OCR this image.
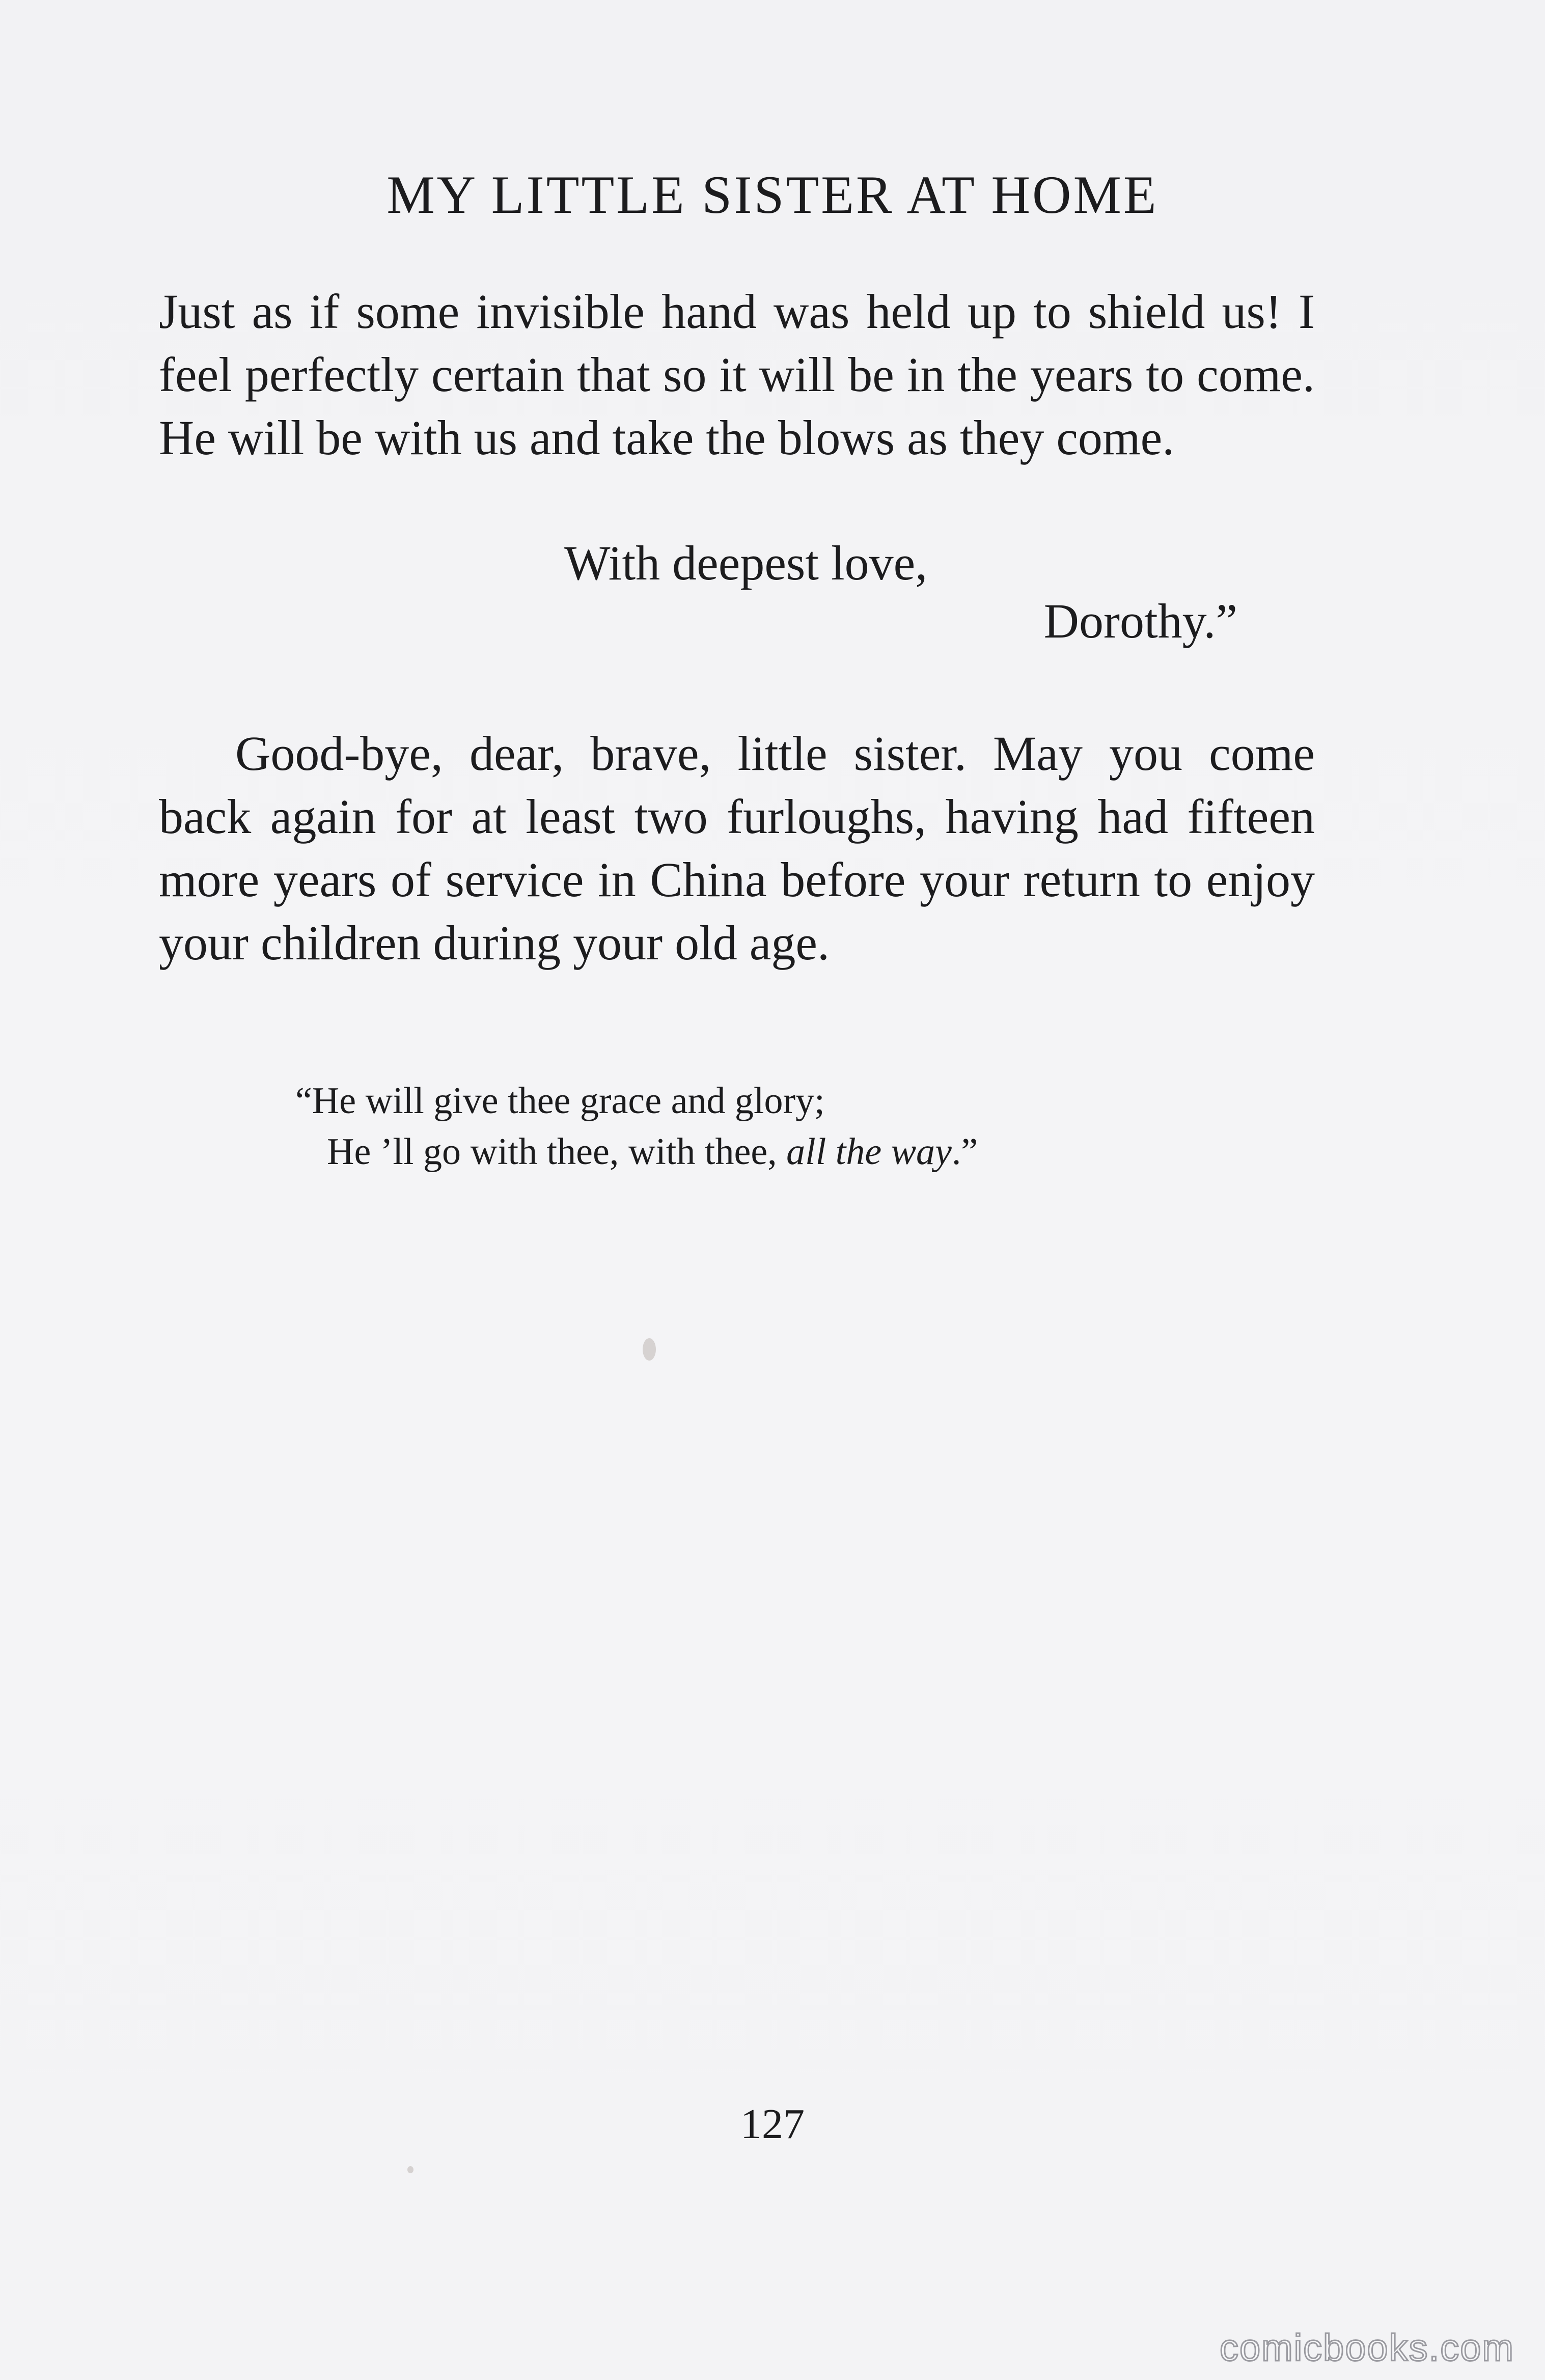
MY LITTLE SISTER AT HOME

Just as if some invisible hand was held up to shield us! I feel perfectly certain that so it will be in the years to come. He will be with us and take the blows as they come.

With deepest love,
Dorothy.”

Good-bye, dear, brave, little sister. May you come back again for at least two furloughs, having had fifteen more years of service in China before your return to enjoy your children during your old age.

“He will give thee grace and glory;
He ’ll go with thee, with thee, all the way.”
127
comicbooks.com
